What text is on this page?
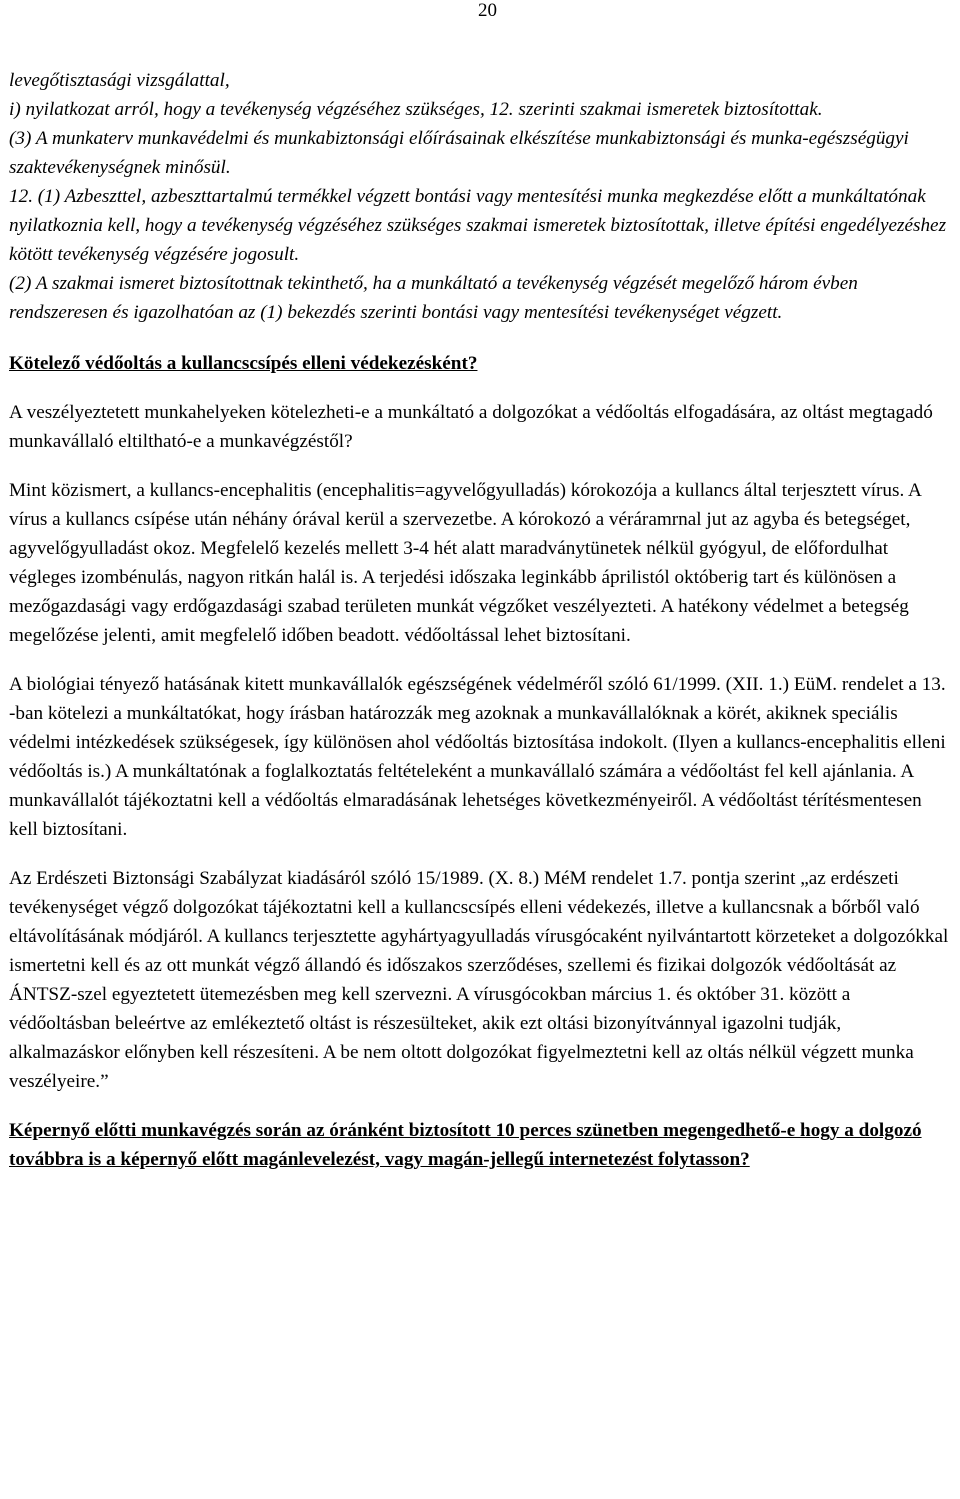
20

levegőtisztasági vizsgálattal,

i) nyilatkozat arról, hogy a tevékenység végzéséhez szükséges, 12. szerinti szakmai ismeretek biztosítottak.

(3) A munkaterv munkavédelmi és munkabiztonsági előírásainak elkészítése munkabiztonsági és munka-egészségügyi szaktevékenységnek minősül.

12. (1) Azbeszttel, azbeszttartalmú termékkel végzett bontási vagy mentesítési munka megkezdése előtt a munkáltatónak nyilatkoznia kell, hogy a tevékenység végzéséhez szükséges szakmai ismeretek biztosítottak, illetve építési engedélyezéshez kötött tevékenység végzésére jogosult.

(2) A szakmai ismeret biztosítottnak tekinthető, ha a munkáltató a tevékenység végzését megelőző három évben rendszeresen és igazolhatóan az (1) bekezdés szerinti bontási vagy mentesítési tevékenységet végzett.

Kötelező védőoltás a kullancscsípés elleni védekezésként?

A veszélyeztetett munkahelyeken kötelezheti-e a munkáltató a dolgozókat a védőoltás elfogadására, az oltást megtagadó munkavállaló eltiltható-e a munkavégzéstől?

Mint közismert, a kullancs-encephalitis (encephalitis=agyvelőgyulladás) kórokozója a kullancs által terjesztett vírus. A vírus a kullancs csípése után néhány órával kerül a szervezetbe. A kórokozó a véráramrnal jut az agyba és betegséget, agyvelőgyulladást okoz. Megfelelő kezelés mellett 3-4 hét alatt maradványtünetek nélkül gyógyul, de előfordulhat végleges izombénulás, nagyon ritkán halál is. A terjedési időszaka leginkább áprilistól októberig tart és különösen a mezőgazdasági vagy erdőgazdasági szabad területen munkát végzőket veszélyezteti. A hatékony védelmet a betegség megelőzése jelenti, amit megfelelő időben beadott. védőoltással lehet biztosítani.

A biológiai tényező hatásának kitett munkavállalók egészségének védelméről szóló 61/1999. (XII. 1.) EüM. rendelet a 13. -ban kötelezi a munkáltatókat, hogy írásban határozzák meg azoknak a munkavállalóknak a körét, akiknek speciális védelmi intézkedések szükségesek, így különösen ahol védőoltás biztosítása indokolt. (Ilyen a kullancs-encephalitis elleni védőoltás is.) A munkáltatónak a foglalkoztatás feltételeként a munkavállaló számára a védőoltást fel kell ajánlania. A munkavállalót tájékoztatni kell a védőoltás elmaradásának lehetséges következményeiről. A védőoltást térítésmentesen kell biztosítani.

Az Erdészeti Biztonsági Szabályzat kiadásáról szóló 15/1989. (X. 8.) MéM rendelet 1.7. pontja szerint „az erdészeti tevékenységet végző dolgozókat tájékoztatni kell a kullancscsípés elleni védekezés, illetve a kullancsnak a bőrből való eltávolításának módjáról. A kullancs terjesztette agyhártyagyulladás vírusgócaként nyilvántartott körzeteket a dolgozókkal ismertetni kell és az ott munkát végző állandó és időszakos szerződéses, szellemi és fizikai dolgozók védőoltását az ÁNTSZ-szel egyeztetett ütemezésben meg kell szervezni. A vírusgócokban március 1. és október 31. között a védőoltásban beleértve az emlékeztető oltást is részesülteket, akik ezt oltási bizonyítvánnyal igazolni tudják, alkalmazáskor előnyben kell részesíteni. A be nem oltott dolgozókat figyelmeztetni kell az oltás nélkül végzett munka veszélyeire.”

Képernyő előtti munkavégzés során az óránként biztosított 10 perces szünetben megengedhető-e hogy a dolgozó továbbra is a képernyő előtt magánlevelezést, vagy magán-jellegű internetezést folytasson?
